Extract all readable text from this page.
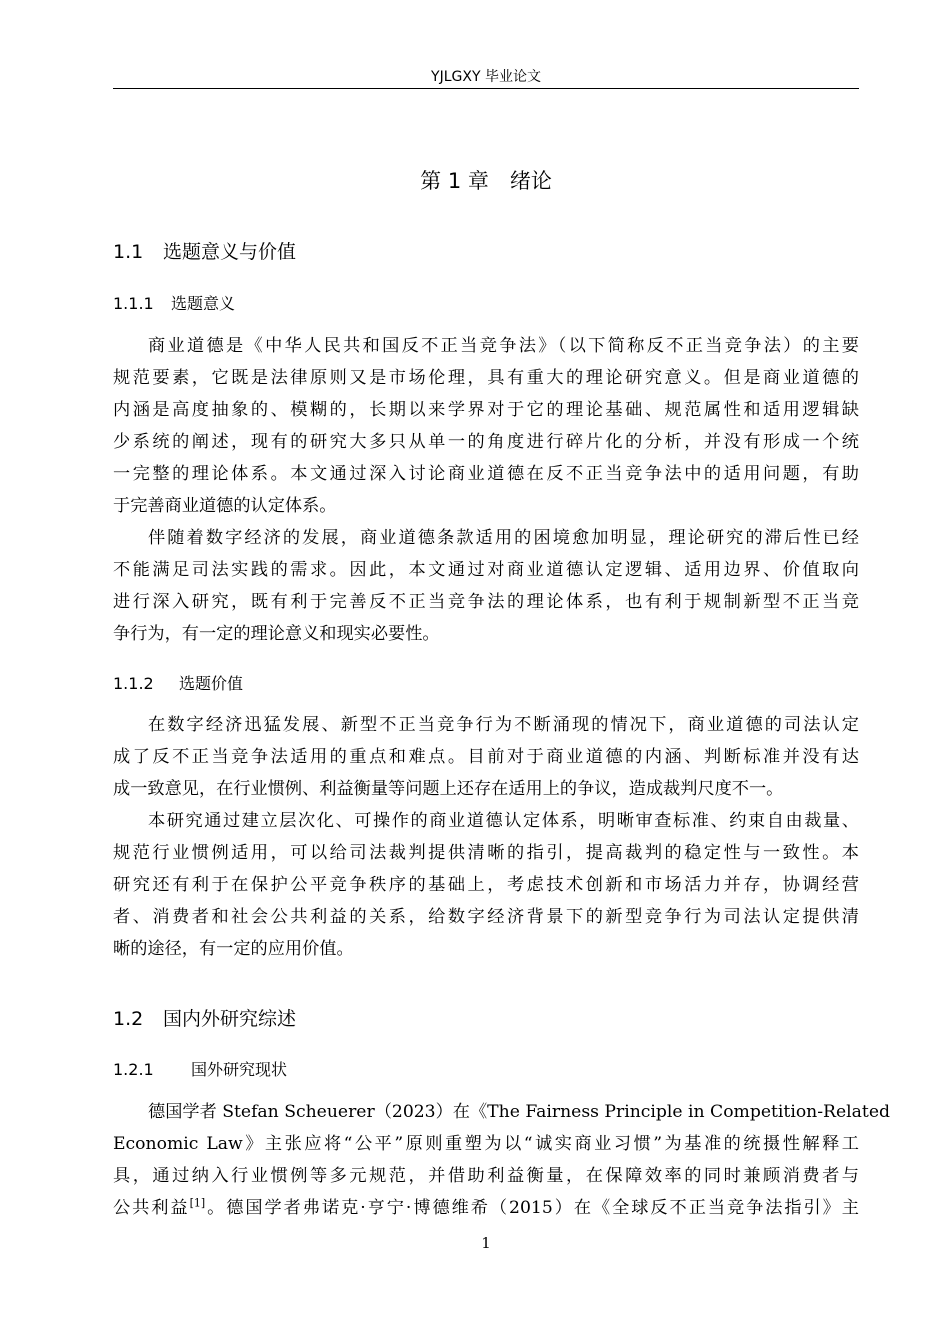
YJLGXY 毕业论文
第 1 章　绪论
1.1 选题意义与价值
1.1.1 选题意义
商业道德是《中华人民共和国反不正当竞争法》（以下简称反不正当竞争法）的主要
规范要素，它既是法律原则又是市场伦理，具有重大的理论研究意义。但是商业道德的
内涵是高度抽象的、模糊的，长期以来学界对于它的理论基础、规范属性和适用逻辑缺
少系统的阐述，现有的研究大多只从单一的角度进行碎片化的分析，并没有形成一个统
一完整的理论体系。本文通过深入讨论商业道德在反不正当竞争法中的适用问题，有助
于完善商业道德的认定体系。
伴随着数字经济的发展，商业道德条款适用的困境愈加明显，理论研究的滞后性已经
不能满足司法实践的需求。因此，本文通过对商业道德认定逻辑、适用边界、价值取向
进行深入研究，既有利于完善反不正当竞争法的理论体系，也有利于规制新型不正当竞
争行为，有一定的理论意义和现实必要性。
1.1.2 选题价值
在数字经济迅猛发展、新型不正当竞争行为不断涌现的情况下，商业道德的司法认定
成了反不正当竞争法适用的重点和难点。目前对于商业道德的内涵、判断标准并没有达
成一致意见，在行业惯例、利益衡量等问题上还存在适用上的争议，造成裁判尺度不一。
本研究通过建立层次化、可操作的商业道德认定体系，明晰审查标准、约束自由裁量、
规范行业惯例适用，可以给司法裁判提供清晰的指引，提高裁判的稳定性与一致性。本
研究还有利于在保护公平竞争秩序的基础上，考虑技术创新和市场活力并存，协调经营
者、消费者和社会公共利益的关系，给数字经济背景下的新型竞争行为司法认定提供清
晰的途径，有一定的应用价值。
1.2 国内外研究综述
1.2.1 国外研究现状
德国学者 Stefan Scheuerer（2023）在《The Fairness Principle in Competition-Related
Economic Law》主张应将“公平”原则重塑为以“诚实商业习惯”为基准的统摄性解释工
具，通过纳入行业惯例等多元规范，并借助利益衡量，在保障效率的同时兼顾消费者与
公共利益[1]。德国学者弗诺克·亨宁·博德维希（2015）在《全球反不正当竞争法指引》主
1
